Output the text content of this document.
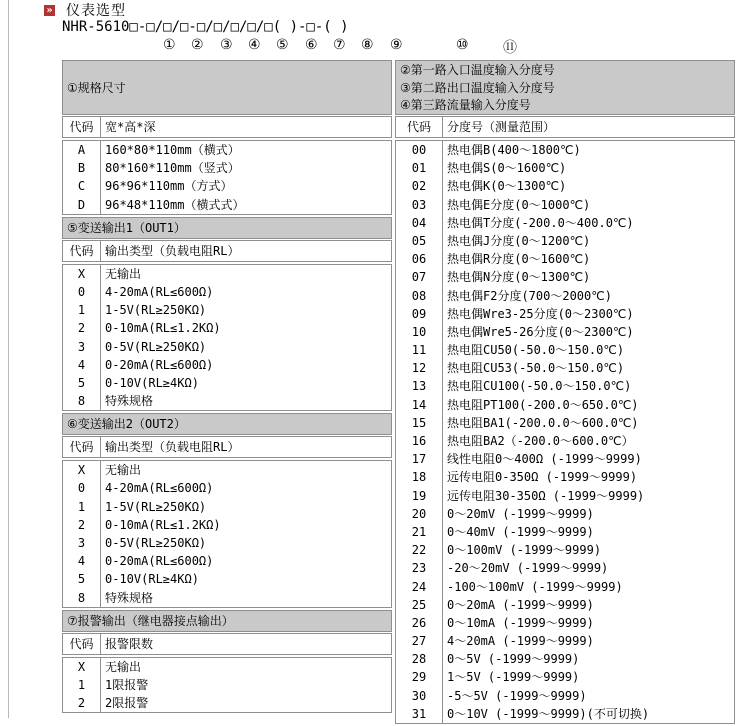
» 仪表选型
NHR-5610□-□/□/□-□/□/□/□/□( )-□-( )
① ② ③ ④ ⑤ ⑥ ⑦ ⑧ ⑨	⑩ ⑪
①规格尺寸
代码 宽*高*深
A	160*80*110mm（横式）
B	80*160*110mm（竖式）
C	96*96*110mm（方式）
D	96*48*110mm（横式式）
⑤变送输出1（OUT1）
代码 输出类型（负载电阻RL）
X	无输出
0	4-20mA(RL≤600Ω)
1	1-5V(RL≥250KΩ)
2	0-10mA(RL≤1.2KΩ)
3	0-5V(RL≥250KΩ)
4	0-20mA(RL≤600Ω)
5	0-10V(RL≥4KΩ)
8	特殊规格
⑥变送输出2（OUT2）
代码 输出类型（负载电阻RL）
X	无输出
0	4-20mA(RL≤600Ω)
1	1-5V(RL≥250KΩ)
2	0-10mA(RL≤1.2KΩ)
3	0-5V(RL≥250KΩ)
4	0-20mA(RL≤600Ω)
5	0-10V(RL≥4KΩ)
8	特殊规格
⑦报警输出（继电器接点输出）
代码 报警限数
X	无输出
1	1限报警
2	2限报警
②第一路入口温度输入分度号
③第二路出口温度输入分度号
④第三路流量输入分度号
代码	分度号（测量范围）
00	热电偶B(400～1800℃)
01	热电偶S(0～1600℃)
02	热电偶K(0～1300℃)
03	热电偶E分度(0～1000℃)
04	热电偶T分度(-200.0～400.0℃)
05	热电偶J分度(0～1200℃)
06	热电偶R分度(0～1600℃)
07	热电偶N分度(0～1300℃)
08	热电偶F2分度(700～2000℃)
09	热电偶Wre3-25分度(0～2300℃)
10	热电偶Wre5-26分度(0～2300℃)
11	热电阻CU50(-50.0～150.0℃)
12	热电阻CU53(-50.0～150.0℃)
13	热电阻CU100(-50.0～150.0℃)
14	热电阻PT100(-200.0～650.0℃)
15	热电阻BA1(-200.0.0～600.0℃)
16	热电阻BA2（-200.0～600.0℃）
17	线性电阻0～400Ω (-1999～9999)
18	远传电阻0-350Ω (-1999～9999)
19	远传电阻30-350Ω (-1999～9999)
20	0～20mV (-1999～9999)
21	0～40mV (-1999～9999)
22	0～100mV (-1999～9999)
23	-20～20mV (-1999～9999)
24	-100～100mV (-1999～9999)
25	0～20mA (-1999～9999)
26	0～10mA (-1999～9999)
27	4～20mA (-1999～9999)
28	0～5V (-1999～9999)
29	1～5V (-1999～9999)
30	-5～5V (-1999～9999)
31	0～10V (-1999～9999)(不可切换)
